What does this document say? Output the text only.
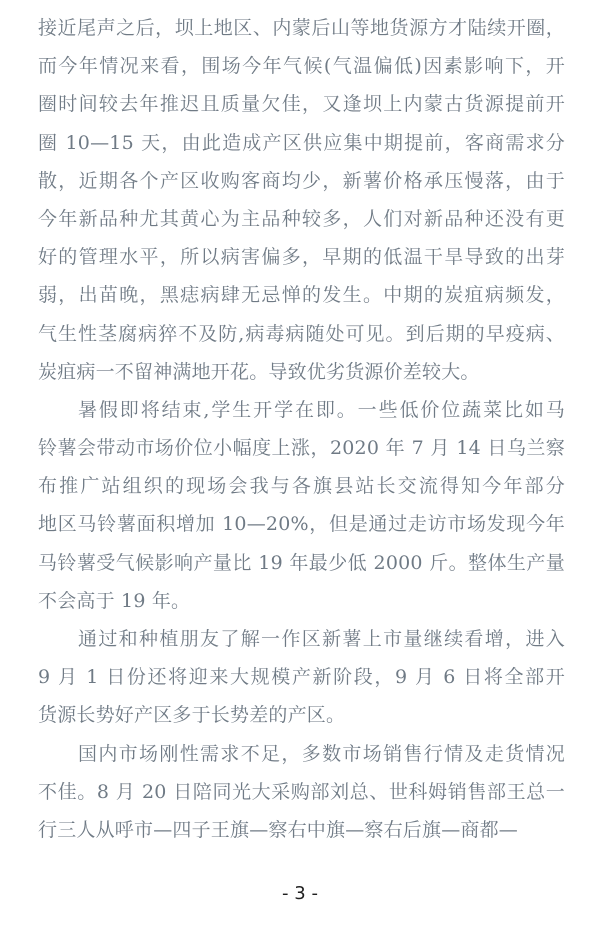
接近尾声之后，坝上地区、内蒙后山等地货源方才陆续开圈，
而今年情况来看，围场今年气候(气温偏低)因素影响下，开
圈时间较去年推迟且质量欠佳，又逢坝上内蒙古货源提前开
圈 10—15 天，由此造成产区供应集中期提前，客商需求分
散，近期各个产区收购客商均少，新薯价格承压慢落，由于
今年新品种尤其黄心为主品种较多，人们对新品种还没有更
好的管理水平，所以病害偏多，早期的低温干旱导致的出芽
弱，出苗晚，黑痣病肆无忌惮的发生。中期的炭疽病频发，
气生性茎腐病猝不及防,病毒病随处可见。到后期的早疫病、
炭疽病一不留神满地开花。导致优劣货源价差较大。
暑假即将结束,学生开学在即。一些低价位蔬菜比如马
铃薯会带动市场价位小幅度上涨，2020 年 7 月 14 日乌兰察
布推广站组织的现场会我与各旗县站长交流得知今年部分
地区马铃薯面积增加 10—20%，但是通过走访市场发现今年
马铃薯受气候影响产量比 19 年最少低 2000 斤。整体生产量
不会高于 19 年。
通过和种植朋友了解一作区新薯上市量继续看增，进入
9 月 1 日份还将迎来大规模产新阶段，9 月 6 日将全部开
货源长势好产区多于长势差的产区。
国内市场刚性需求不足，多数市场销售行情及走货情况
不佳。8 月 20 日陪同光大采购部刘总、世科姆销售部王总一
行三人从呼市—四子王旗—察右中旗—察右后旗—商都—
- 3 -
